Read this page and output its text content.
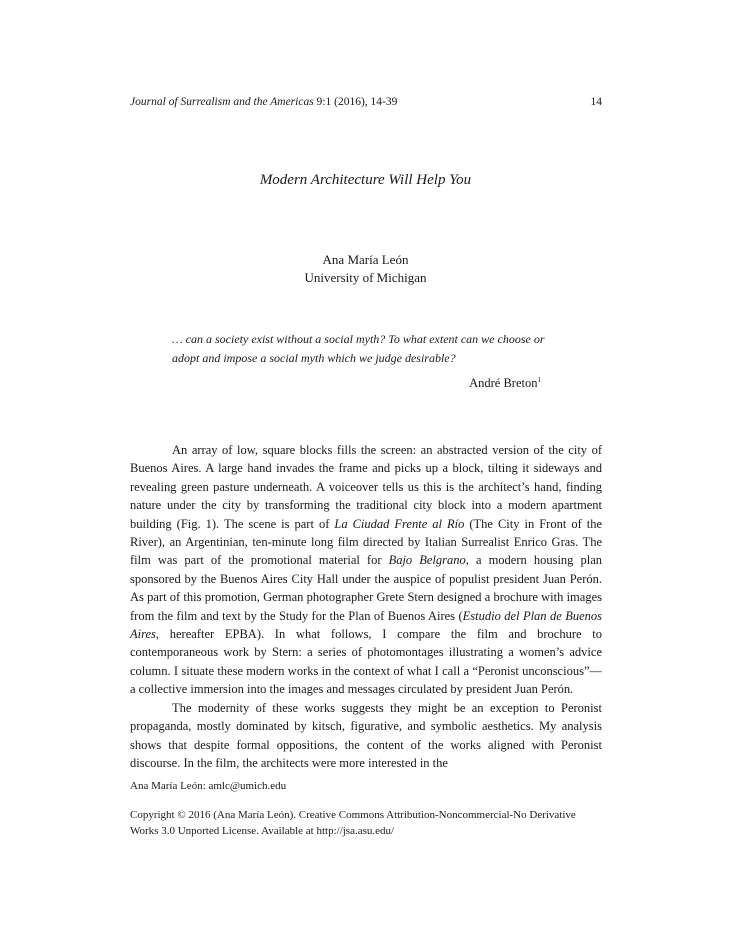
Journal of Surrealism and the Americas 9:1 (2016), 14-39	14
Modern Architecture Will Help You
Ana María León
University of Michigan
… can a society exist without a social myth? To what extent can we choose or adopt and impose a social myth which we judge desirable?
André Breton$^1$

An array of low, square blocks fills the screen: an abstracted version of the city of Buenos Aires. A large hand invades the frame and picks up a block, tilting it sideways and revealing green pasture underneath. A voiceover tells us this is the architect’s hand, finding nature under the city by transforming the traditional city block into a modern apartment building (Fig. 1). The scene is part of La Ciudad Frente al Río (The City in Front of the River), an Argentinian, ten-minute long film directed by Italian Surrealist Enrico Gras. The film was part of the promotional material for Bajo Belgrano, a modern housing plan sponsored by the Buenos Aires City Hall under the auspice of populist president Juan Perón. As part of this promotion, German photographer Grete Stern designed a brochure with images from the film and text by the Study for the Plan of Buenos Aires (Estudio del Plan de Buenos Aires, hereafter EPBA). In what follows, I compare the film and brochure to contemporaneous work by Stern: a series of photomontages illustrating a women’s advice column. I situate these modern works in the context of what I call a “Peronist unconscious”—a collective immersion into the images and messages circulated by president Juan Perón.

The modernity of these works suggests they might be an exception to Peronist propaganda, mostly dominated by kitsch, figurative, and symbolic aesthetics. My analysis shows that despite formal oppositions, the content of the works aligned with Peronist discourse. In the film, the architects were more interested in the

Ana María León: amlc@umich.edu
Copyright © 2016 (Ana María León). Creative Commons Attribution-Noncommercial-No Derivative Works 3.0 Unported License. Available at http://jsa.asu.edu/
